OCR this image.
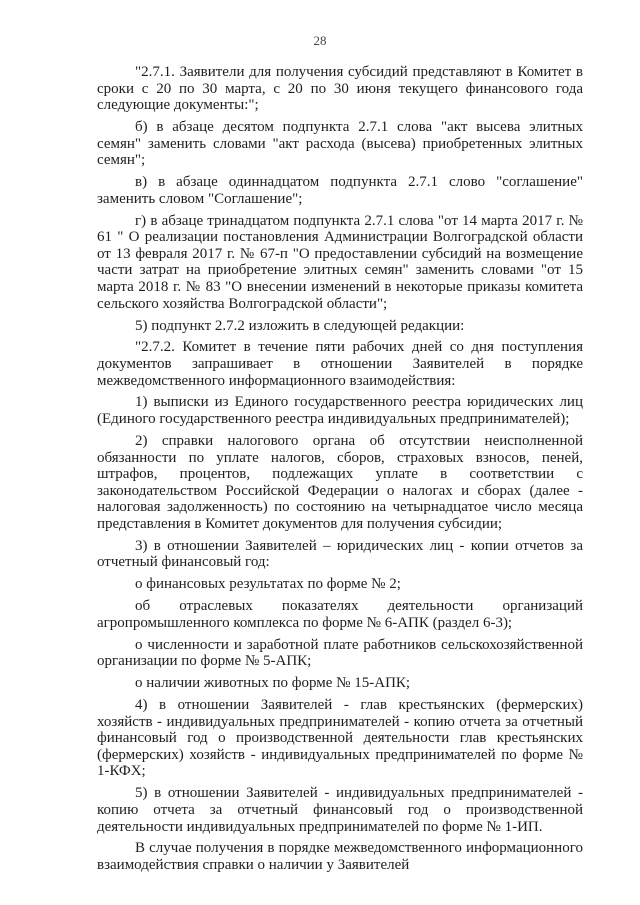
28

"2.7.1. Заявители для получения субсидий представляют в Комитет в сроки с 20 по 30 марта, с 20 по 30 июня текущего финансового года следующие документы:";

б) в абзаце десятом подпункта 2.7.1 слова "акт высева элитных семян" заменить словами "акт расхода (высева) приобретенных элитных семян";

в) в абзаце одиннадцатом подпункта 2.7.1 слово "соглашение" заменить словом "Соглашение";

г) в абзаце тринадцатом подпункта 2.7.1 слова "от 14 марта 2017 г. № 61 " О реализации постановления Администрации Волгоградской области от 13 февраля 2017 г. № 67-п "О предоставлении субсидий на возмещение части затрат на приобретение элитных семян" заменить словами "от 15 марта 2018 г. № 83 "О внесении изменений в некоторые приказы комитета сельского хозяйства Волгоградской области";

5) подпункт 2.7.2 изложить в следующей редакции:

"2.7.2. Комитет в течение пяти рабочих дней со дня поступления документов запрашивает в отношении Заявителей в порядке межведомственного информационного взаимодействия:

1) выписки из Единого государственного реестра юридических лиц (Единого государственного реестра индивидуальных предпринимателей);

2) справки налогового органа об отсутствии неисполненной обязанности по уплате налогов, сборов, страховых взносов, пеней, штрафов, процентов, подлежащих уплате в соответствии с законодательством Российской Федерации о налогах и сборах (далее - налоговая задолженность) по состоянию на четырнадцатое число месяца представления в Комитет документов для получения субсидии;

3) в отношении Заявителей – юридических лиц - копии отчетов за отчетный финансовый год:

о финансовых результатах по форме № 2;

об отраслевых показателях деятельности организаций агропромышленного комплекса по форме № 6-АПК (раздел 6-3);

о численности и заработной плате работников сельскохозяйственной организации по форме № 5-АПК;

о наличии животных по форме № 15-АПК;

4) в отношении Заявителей - глав крестьянских (фермерских) хозяйств - индивидуальных предпринимателей - копию отчета за отчетный финансовый год о производственной деятельности глав крестьянских (фермерских) хозяйств - индивидуальных предпринимателей по форме № 1-КФХ;

5) в отношении Заявителей - индивидуальных предпринимателей - копию отчета за отчетный финансовый год о производственной деятельности индивидуальных предпринимателей по форме № 1-ИП.

В случае получения в порядке межведомственного информационного взаимодействия справки о наличии у Заявителей
